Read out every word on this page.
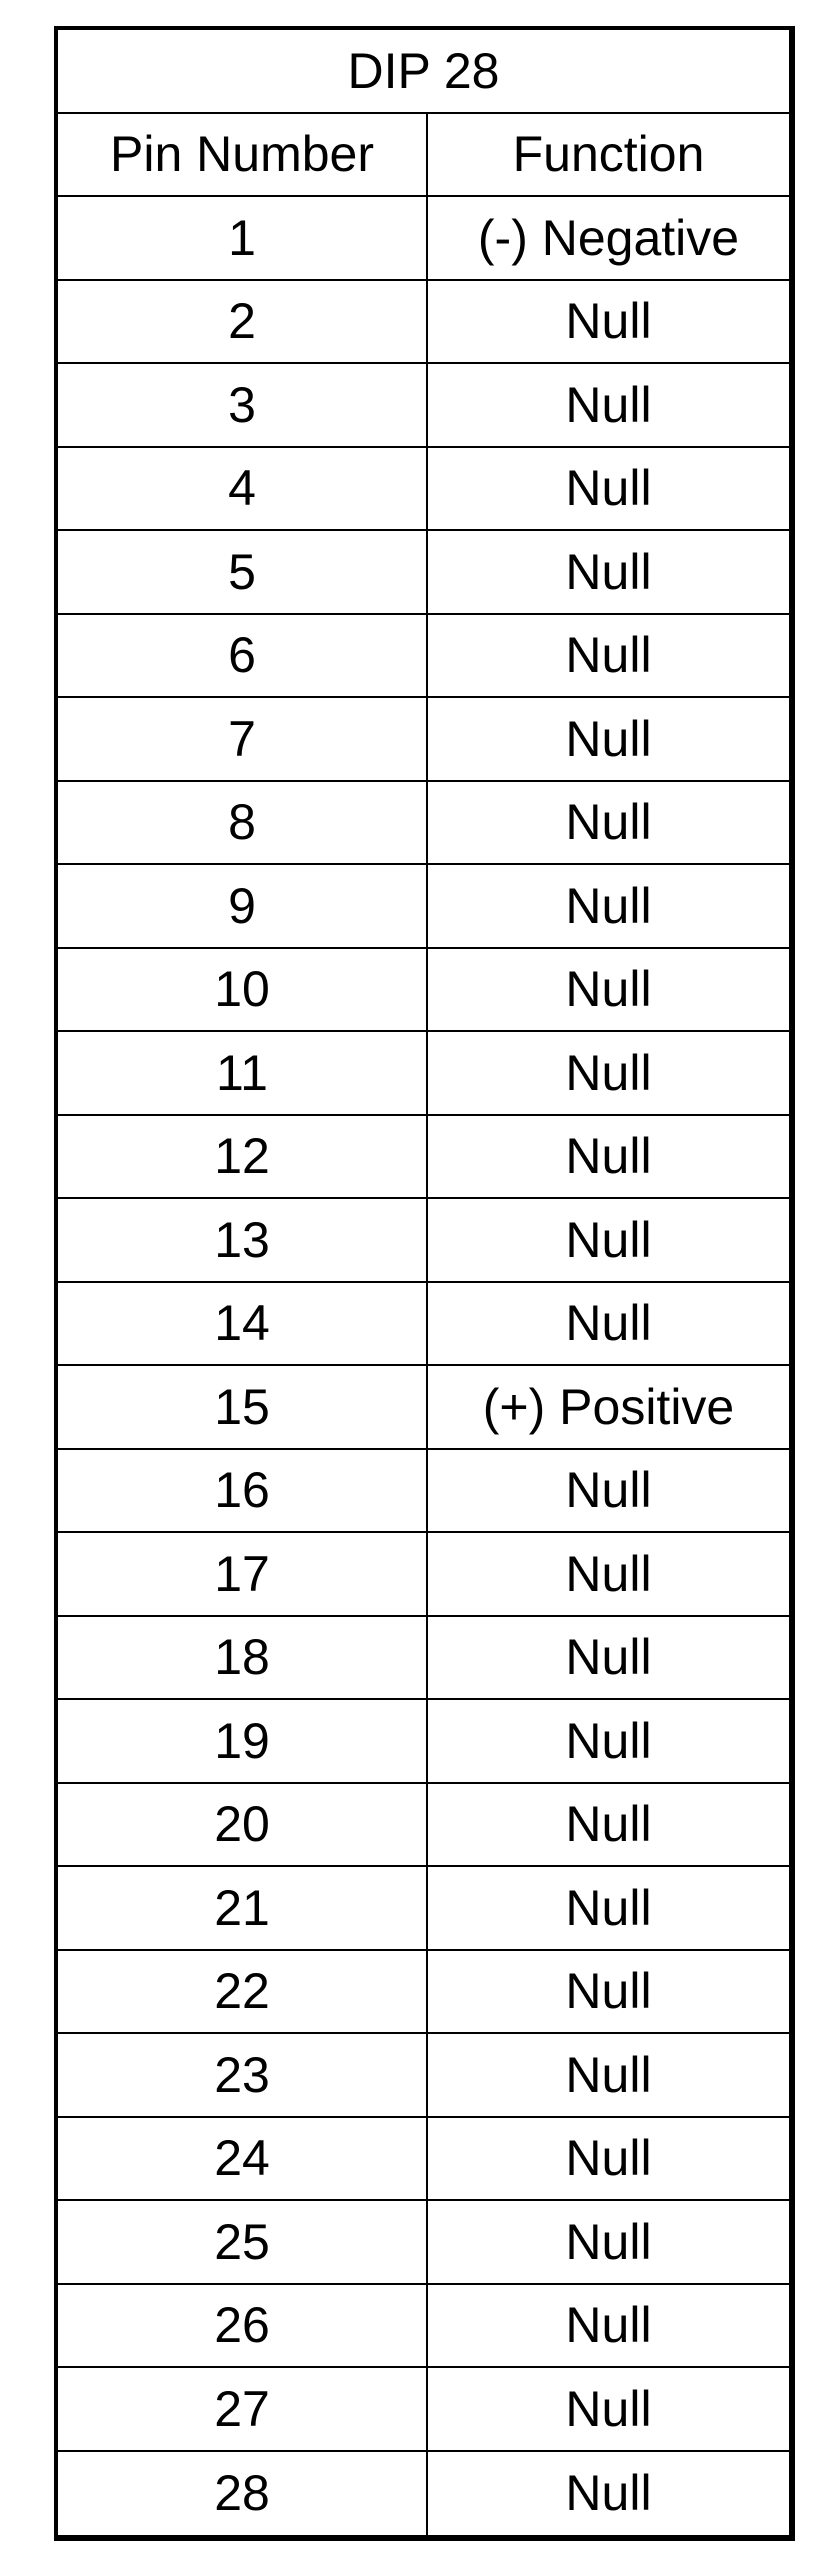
DIP 28
Pin Number	Function
1	(-) Negative
2	Null
3	Null
4	Null
5	Null
6	Null
7	Null
8	Null
9	Null
10	Null
11	Null
12	Null
13	Null
14	Null
15	(+) Positive
16	Null
17	Null
18	Null
19	Null
20	Null
21	Null
22	Null
23	Null
24	Null
25	Null
26	Null
27	Null
28	Null
